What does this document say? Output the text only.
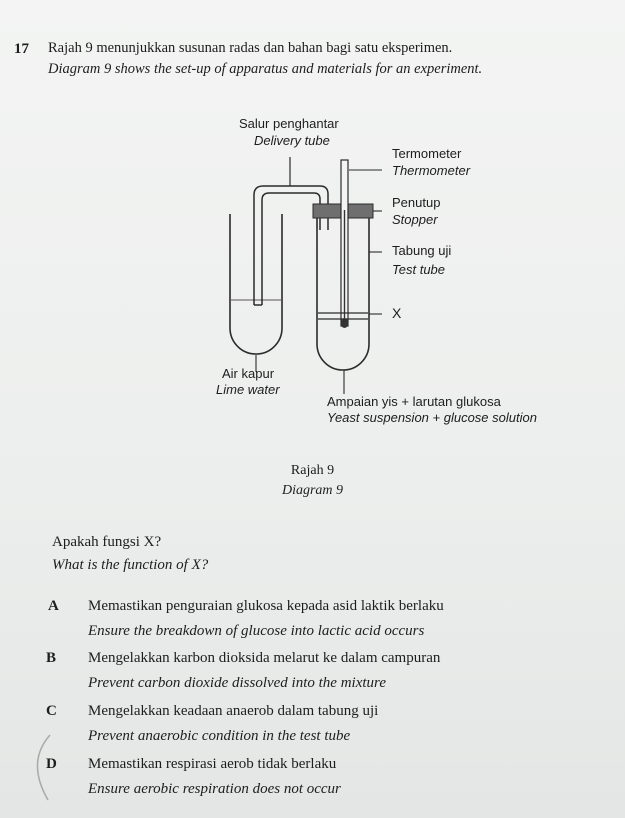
17 Rajah 9 menunjukkan susunan radas dan bahan bagi satu eksperimen.
Diagram 9 shows the set-up of apparatus and materials for an experiment.
Salur penghantar
Delivery tube
Termometer
Thermometer
Penutup
Stopper
Tabung uji
Test tube
X
Air kapur
Lime water
Ampaian yis + larutan glukosa
Yeast suspension + glucose solution
Rajah 9
Diagram 9
Apakah fungsi X?
What is the function of X?
A Memastikan penguraian glukosa kepada asid laktik berlaku
Ensure the breakdown of glucose into lactic acid occurs
B Mengelakkan karbon dioksida melarut ke dalam campuran
Prevent carbon dioxide dissolved into the mixture
C Mengelakkan keadaan anaerob dalam tabung uji
Prevent anaerobic condition in the test tube
D Memastikan respirasi aerob tidak berlaku
Ensure aerobic respiration does not occur
